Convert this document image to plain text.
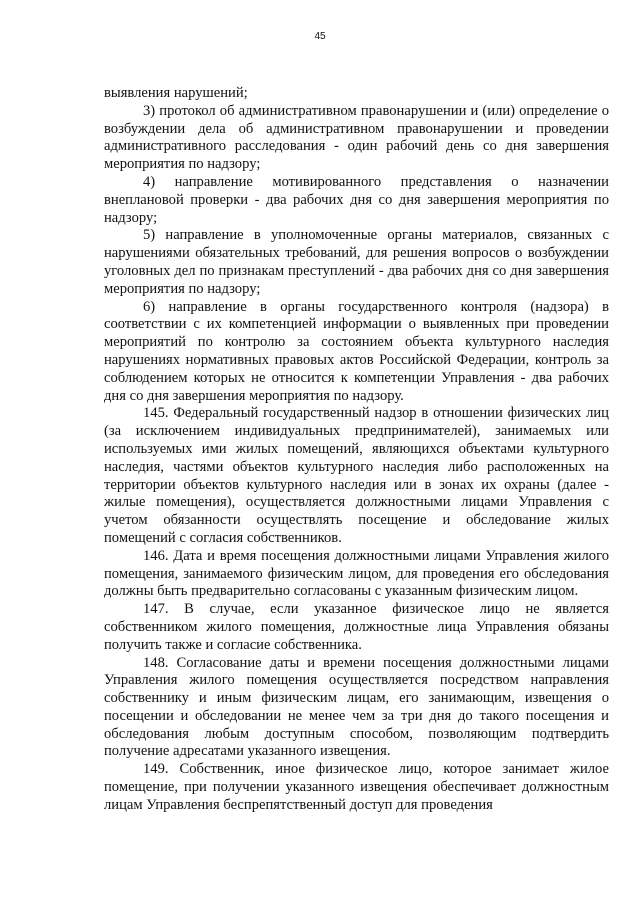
45

выявления нарушений;

3) протокол об административном правонарушении и (или) определение о возбуждении дела об административном правонарушении и проведении административного расследования - один рабочий день со дня завершения мероприятия по надзору;

4) направление мотивированного представления о назначении внеплановой проверки - два рабочих дня со дня завершения мероприятия по надзору;

5) направление в уполномоченные органы материалов, связанных с нарушениями обязательных требований, для решения вопросов о возбуждении уголовных дел по признакам преступлений - два рабочих дня со дня завершения мероприятия по надзору;

6) направление в органы государственного контроля (надзора) в соответствии с их компетенцией информации о выявленных при проведении мероприятий по контролю за состоянием объекта культурного наследия нарушениях нормативных правовых актов Российской Федерации, контроль за соблюдением которых не относится к компетенции Управления - два рабочих дня со дня завершения мероприятия по надзору.

145. Федеральный государственный надзор в отношении физических лиц (за исключением индивидуальных предпринимателей), занимаемых или используемых ими жилых помещений, являющихся объектами культурного наследия, частями объектов культурного наследия либо расположенных на территории объектов культурного наследия или в зонах их охраны (далее - жилые помещения), осуществляется должностными лицами Управления с учетом обязанности осуществлять посещение и обследование жилых помещений с согласия собственников.

146. Дата и время посещения должностными лицами Управления жилого помещения, занимаемого физическим лицом, для проведения его обследования должны быть предварительно согласованы с указанным физическим лицом.

147. В случае, если указанное физическое лицо не является собственником жилого помещения, должностные лица Управления обязаны получить также и согласие собственника.

148. Согласование даты и времени посещения должностными лицами Управления жилого помещения осуществляется посредством направления собственнику и иным физическим лицам, его занимающим, извещения о посещении и обследовании не менее чем за три дня до такого посещения и обследования любым доступным способом, позволяющим подтвердить получение адресатами указанного извещения.

149. Собственник, иное физическое лицо, которое занимает жилое помещение, при получении указанного извещения обеспечивает должностным лицам Управления беспрепятственный доступ для проведения
